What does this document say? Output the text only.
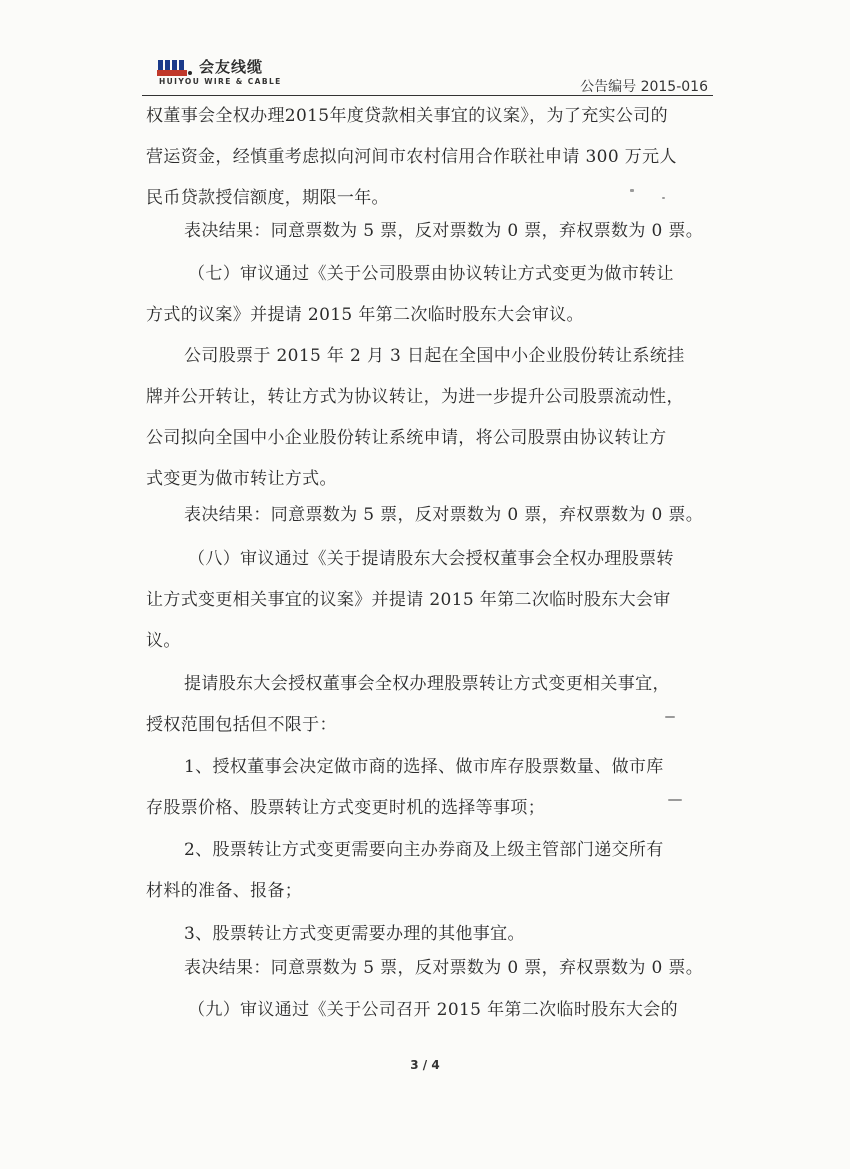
会友线缆
HUIYOU WIRE & CABLE	公告编号 2015-016

权董事会全权办理2015年度贷款相关事宜的议案》，为了充实公司的

营运资金，经慎重考虑拟向河间市农村信用合作联社申请 300 万元人

民币贷款授信额度，期限一年。

表决结果：同意票数为 5 票，反对票数为 0 票，弃权票数为 0 票。

（七）审议通过《关于公司股票由协议转让方式变更为做市转让

方式的议案》并提请 2015 年第二次临时股东大会审议。

公司股票于 2015 年 2 月 3 日起在全国中小企业股份转让系统挂

牌并公开转让，转让方式为协议转让，为进一步提升公司股票流动性，

公司拟向全国中小企业股份转让系统申请，将公司股票由协议转让方

式变更为做市转让方式。

表决结果：同意票数为 5 票，反对票数为 0 票，弃权票数为 0 票。

（八）审议通过《关于提请股东大会授权董事会全权办理股票转

让方式变更相关事宜的议案》并提请 2015 年第二次临时股东大会审

议。

提请股东大会授权董事会全权办理股票转让方式变更相关事宜，

授权范围包括但不限于：

1、授权董事会决定做市商的选择、做市库存股票数量、做市库

存股票价格、股票转让方式变更时机的选择等事项；

2、股票转让方式变更需要向主办券商及上级主管部门递交所有

材料的准备、报备；

3、股票转让方式变更需要办理的其他事宜。

表决结果：同意票数为 5 票，反对票数为 0 票，弃权票数为 0 票。

（九）审议通过《关于公司召开 2015 年第二次临时股东大会的

3 / 4
